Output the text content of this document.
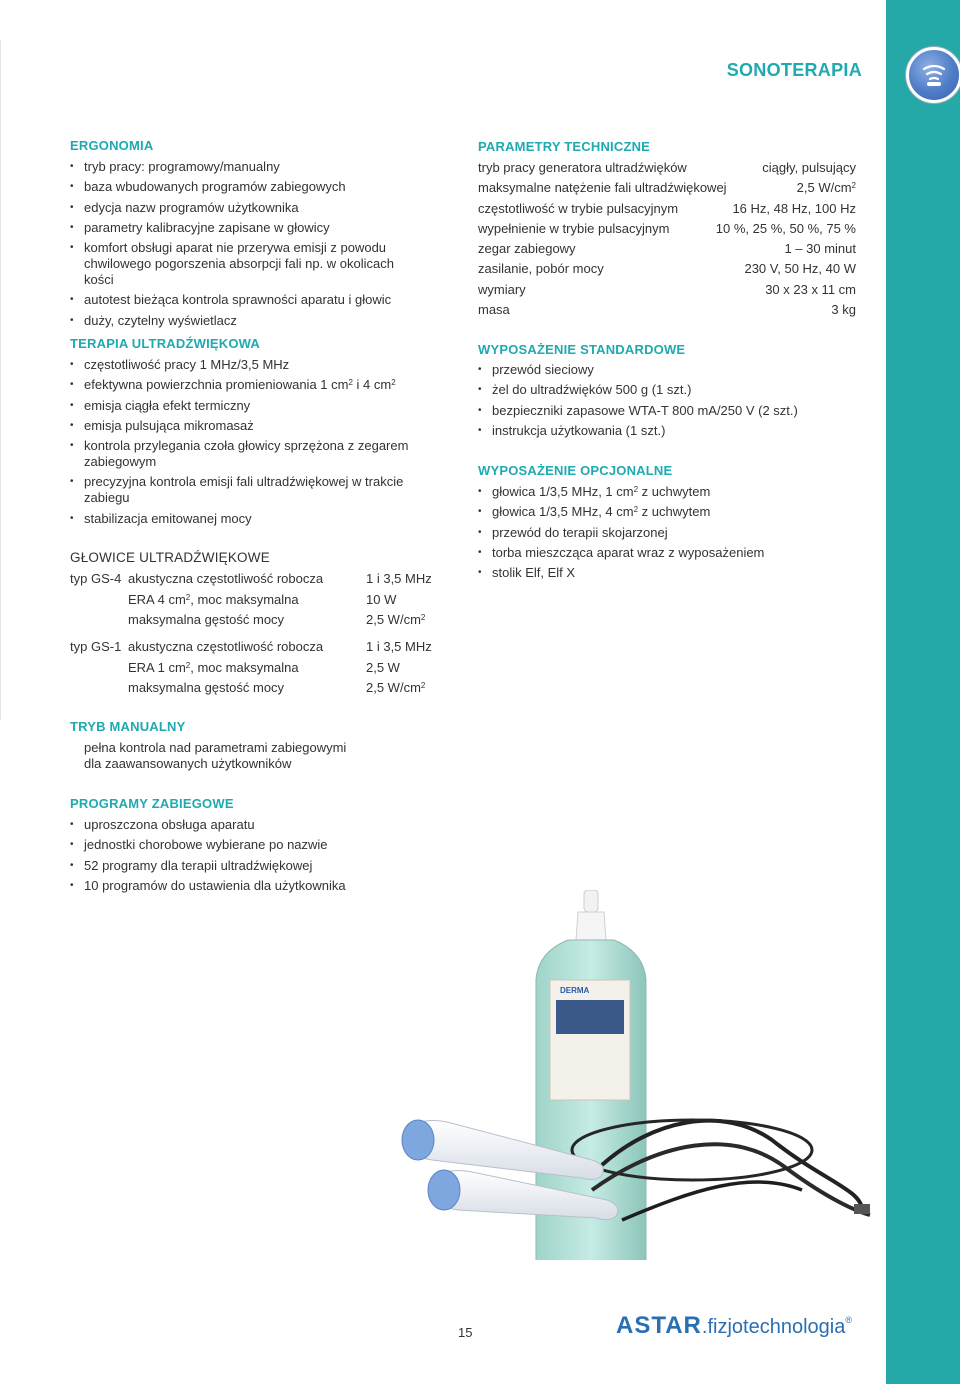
SONOTERAPIA
ERGONOMIA
• tryb pracy: programowy/manualny
• baza wbudowanych programów zabiegowych
• edycja nazw programów użytkownika
• parametry kalibracyjne zapisane w głowicy
• komfort obsługi aparat nie przerywa emisji z powodu chwilowego pogorszenia absorpcji fali np. w okolicach kości
• autotest bieżąca kontrola sprawności aparatu i głowic
• duży, czytelny wyświetlacz
TERAPIA ULTRADŹWIĘKOWA
• częstotliwość pracy 1 MHz/3,5 MHz
• efektywna powierzchnia promieniowania 1 $cm^2$ i 4 $cm^2$
• emisja ciągła efekt termiczny
• emisja pulsująca mikromasaż
• kontrola przylegania czoła głowicy sprzężona z zegarem zabiegowym
• precyzyjna kontrola emisji fali ultradźwiękowej w trakcie zabiegu
• stabilizacja emitowanej mocy
GŁOWICE ULTRADŹWIĘKOWE
typ GS-4 akustyczna częstotliwość robocza	1 i 3,5 MHz
ERA 4 $cm^2$, moc maksymalna	10 W
maksymalna gęstość mocy	2,5 $W/cm^2$
typ GS-1 akustyczna częstotliwość robocza	1 i 3,5 MHz
ERA 1 $cm^2$, moc maksymalna	2,5 W
maksymalna gęstość mocy	2,5 $W/cm^2$
TRYB MANUALNY
pełna kontrola nad parametrami zabiegowymi
dla zaawansowanych użytkowników
PROGRAMY ZABIEGOWE
• uproszczona obsługa aparatu
• jednostki chorobowe wybierane po nazwie
• 52 programy dla terapii ultradźwiękowej
• 10 programów do ustawienia dla użytkownika
PARAMETRY TECHNICZNE
tryb pracy generatora ultradźwięków	ciągły, pulsujący
maksymalne natężenie fali ultradźwiękowej	2,5 $W/cm^2$
częstotliwość w trybie pulsacyjnym	16 Hz, 48 Hz, 100 Hz
wypełnienie w trybie pulsacyjnym	10 %, 25 %, 50 %, 75 %
zegar zabiegowy	1 – 30 minut
zasilanie, pobór mocy	230 V, 50 Hz, 40 W
wymiary	30 x 23 x 11 cm
masa	3 kg
WYPOSAŻENIE STANDARDOWE
• przewód sieciowy
• żel do ultradźwięków 500 g (1 szt.)
• bezpieczniki zapasowe WTA-T 800 mA/250 V (2 szt.)
• instrukcja użytkowania (1 szt.)
WYPOSAŻENIE OPCJONALNE
• głowica 1/3,5 MHz, 1 $cm^2$ z uchwytem
• głowica 1/3,5 MHz, 4 $cm^2$ z uchwytem
• przewód do terapii skojarzonej
• torba mieszcząca aparat wraz z wyposażeniem
• stolik Elf, Elf X
DERMA
15	ASTAR.fizjotechnologia®
